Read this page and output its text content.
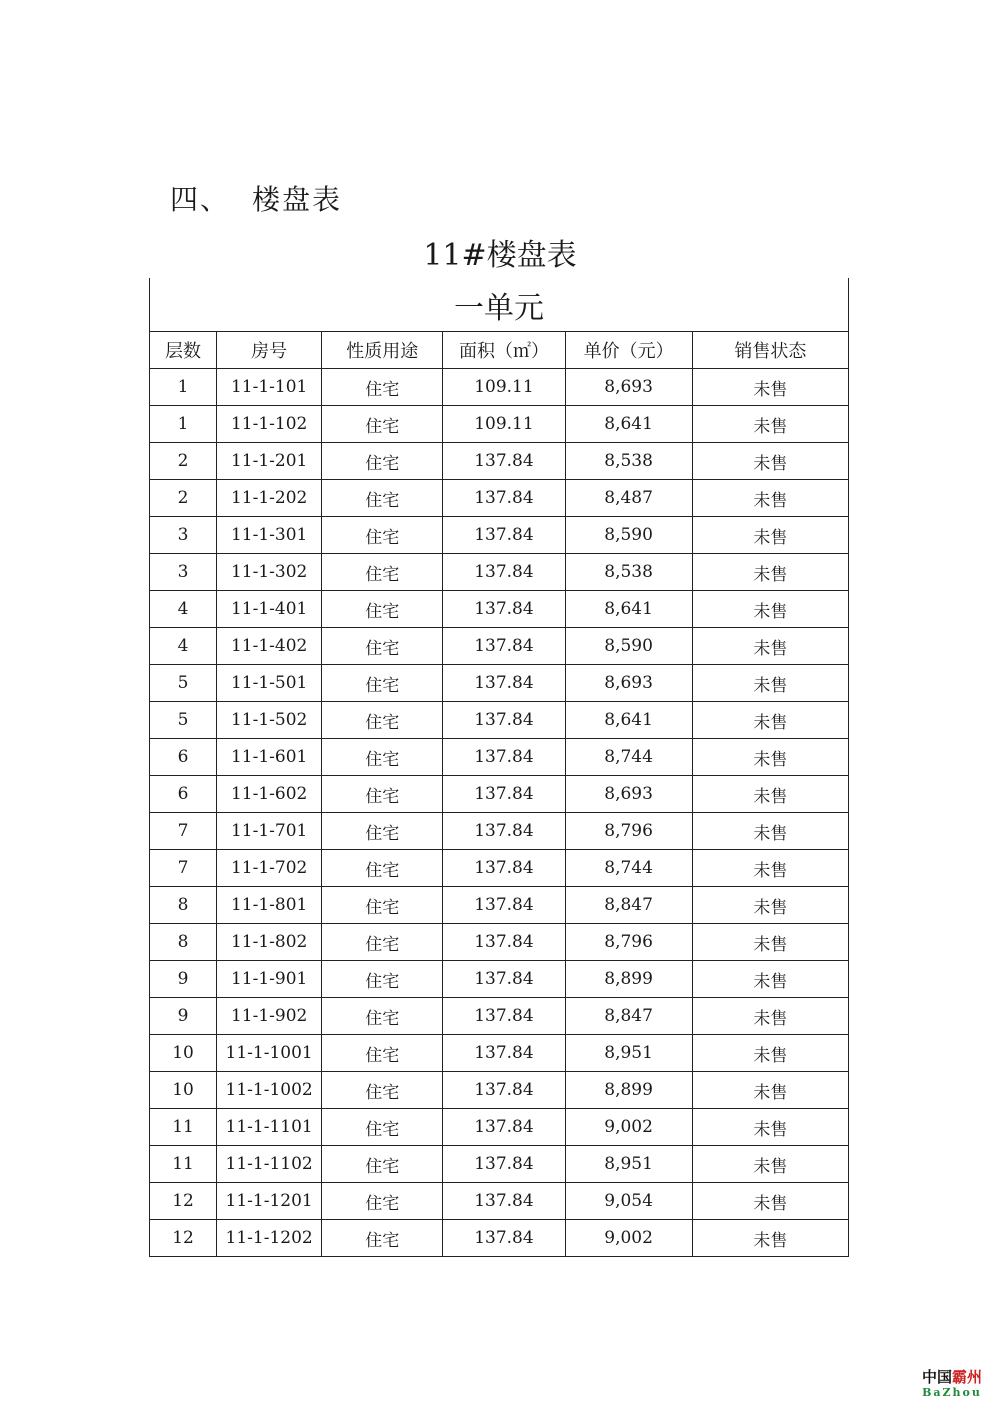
四、 楼盘表
11#楼盘表
一单元					
层数	房号	性质用途	面积（㎡）	单价（元）	销售状态
1	11-1-101	住宅	109.11	8,693	未售
1	11-1-102	住宅	109.11	8,641	未售
2	11-1-201	住宅	137.84	8,538	未售
2	11-1-202	住宅	137.84	8,487	未售
3	11-1-301	住宅	137.84	8,590	未售
3	11-1-302	住宅	137.84	8,538	未售
4	11-1-401	住宅	137.84	8,641	未售
4	11-1-402	住宅	137.84	8,590	未售
5	11-1-501	住宅	137.84	8,693	未售
5	11-1-502	住宅	137.84	8,641	未售
6	11-1-601	住宅	137.84	8,744	未售
6	11-1-602	住宅	137.84	8,693	未售
7	11-1-701	住宅	137.84	8,796	未售
7	11-1-702	住宅	137.84	8,744	未售
8	11-1-801	住宅	137.84	8,847	未售
8	11-1-802	住宅	137.84	8,796	未售
9	11-1-901	住宅	137.84	8,899	未售
9	11-1-902	住宅	137.84	8,847	未售
10	11-1-1001	住宅	137.84	8,951	未售
10	11-1-1002	住宅	137.84	8,899	未售
11	11-1-1101	住宅	137.84	9,002	未售
11	11-1-1102	住宅	137.84	8,951	未售
12	11-1-1201	住宅	137.84	9,054	未售
12	11-1-1202	住宅	137.84	9,002	未售
中国霸州
BaZhou
